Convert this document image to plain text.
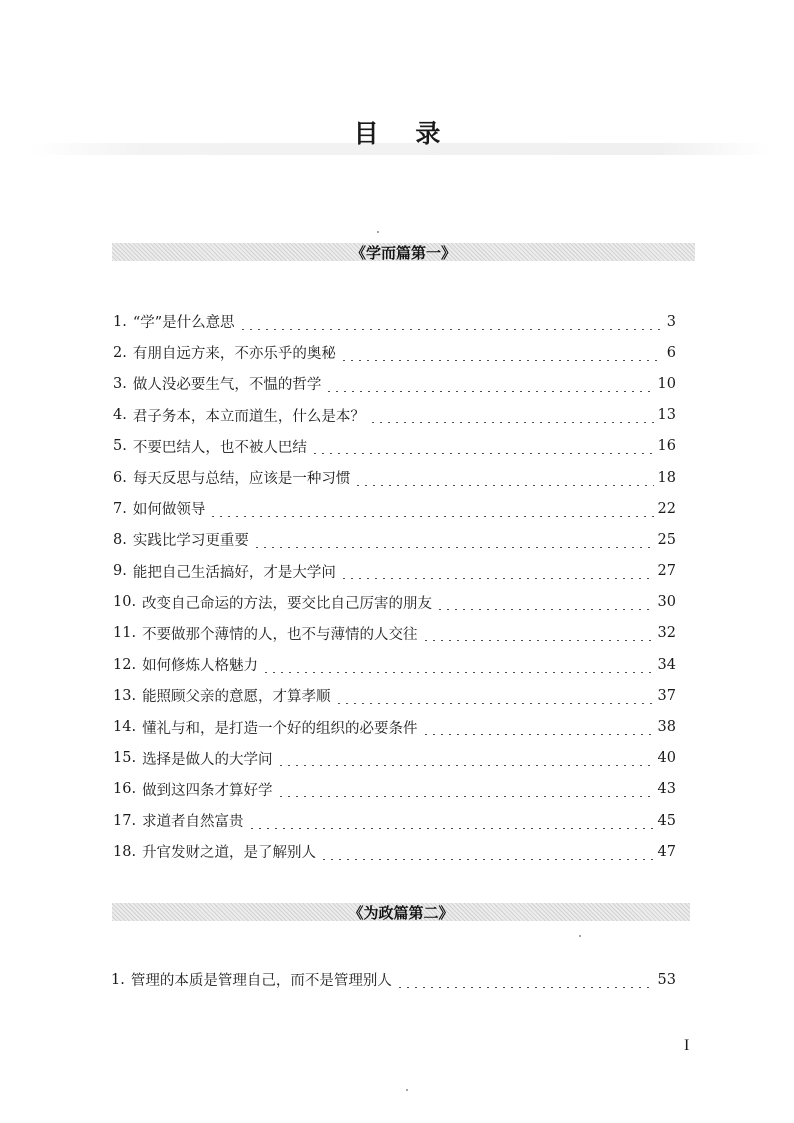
目 录
《学而篇第一》
1. “学”是什么意思	3
2. 有朋自远方来，不亦乐乎的奥秘	6
3. 做人没必要生气，不愠的哲学	10
4. 君子务本，本立而道生，什么是本？	13
5. 不要巴结人，也不被人巴结	16
6. 每天反思与总结，应该是一种习惯	18
7. 如何做领导	22
8. 实践比学习更重要	25
9. 能把自己生活搞好，才是大学问	27
10. 改变自己命运的方法，要交比自己厉害的朋友	30
11. 不要做那个薄情的人，也不与薄情的人交往	32
12. 如何修炼人格魅力	34
13. 能照顾父亲的意愿，才算孝顺	37
14. 懂礼与和，是打造一个好的组织的必要条件	38
15. 选择是做人的大学问	40
16. 做到这四条才算好学	43
17. 求道者自然富贵	45
18. 升官发财之道，是了解别人	47
《为政篇第二》
1. 管理的本质是管理自己，而不是管理别人	53
I
